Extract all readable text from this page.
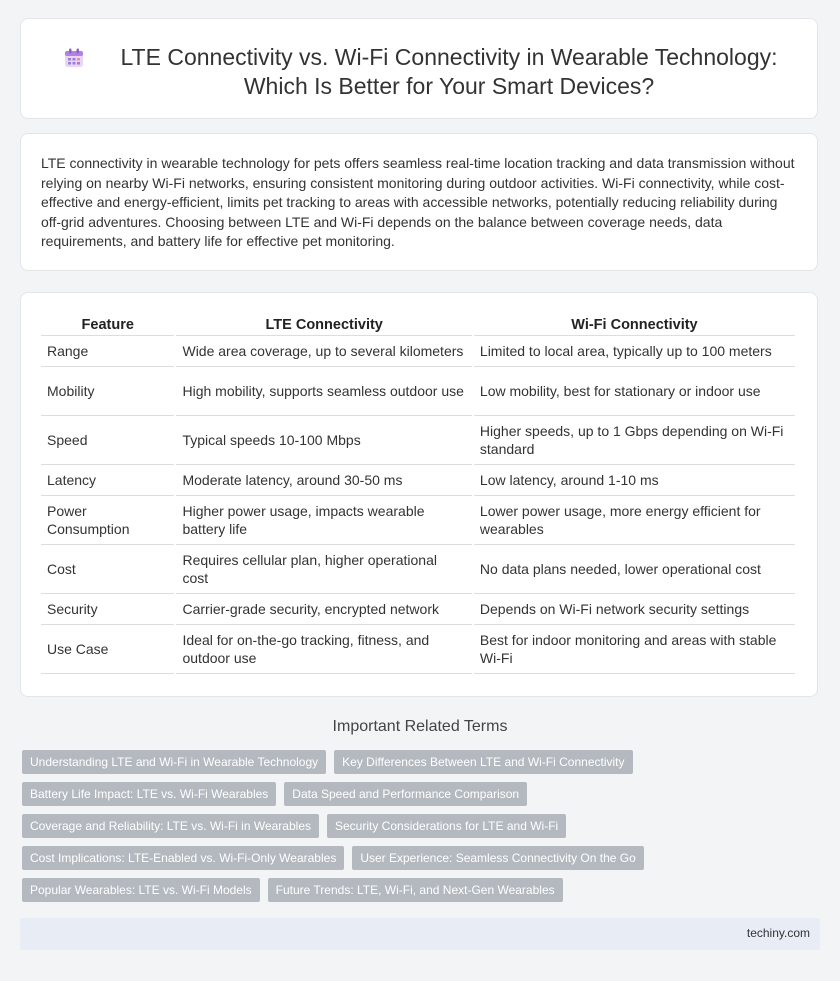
LTE Connectivity vs. Wi-Fi Connectivity in Wearable Technology: Which Is Better for Your Smart Devices?

LTE connectivity in wearable technology for pets offers seamless real-time location tracking and data transmission without relying on nearby Wi-Fi networks, ensuring consistent monitoring during outdoor activities. Wi-Fi connectivity, while cost-effective and energy-efficient, limits pet tracking to areas with accessible networks, potentially reducing reliability during off-grid adventures. Choosing between LTE and Wi-Fi depends on the balance between coverage needs, data requirements, and battery life for effective pet monitoring.

Feature	LTE Connectivity	Wi-Fi Connectivity
Range	Wide area coverage, up to several kilometers	Limited to local area, typically up to 100 meters
Mobility	High mobility, supports seamless outdoor use	Low mobility, best for stationary or indoor use
Speed	Typical speeds 10-100 Mbps	Higher speeds, up to 1 Gbps depending on Wi-Fi standard
Latency	Moderate latency, around 30-50 ms	Low latency, around 1-10 ms
Power Consumption	Higher power usage, impacts wearable battery life	Lower power usage, more energy efficient for wearables
Cost	Requires cellular plan, higher operational cost	No data plans needed, lower operational cost
Security	Carrier-grade security, encrypted network	Depends on Wi-Fi network security settings
Use Case	Ideal for on-the-go tracking, fitness, and outdoor use	Best for indoor monitoring and areas with stable Wi-Fi
Important Related Terms
Understanding LTE and Wi-Fi in Wearable Technology	Key Differences Between LTE and Wi-Fi Connectivity
Battery Life Impact: LTE vs. Wi-Fi Wearables	Data Speed and Performance Comparison
Coverage and Reliability: LTE vs. Wi-Fi in Wearables	Security Considerations for LTE and Wi-Fi
Cost Implications: LTE-Enabled vs. Wi-Fi-Only Wearables	User Experience: Seamless Connectivity On the Go
Popular Wearables: LTE vs. Wi-Fi Models	Future Trends: LTE, Wi-Fi, and Next-Gen Wearables
techiny.com
